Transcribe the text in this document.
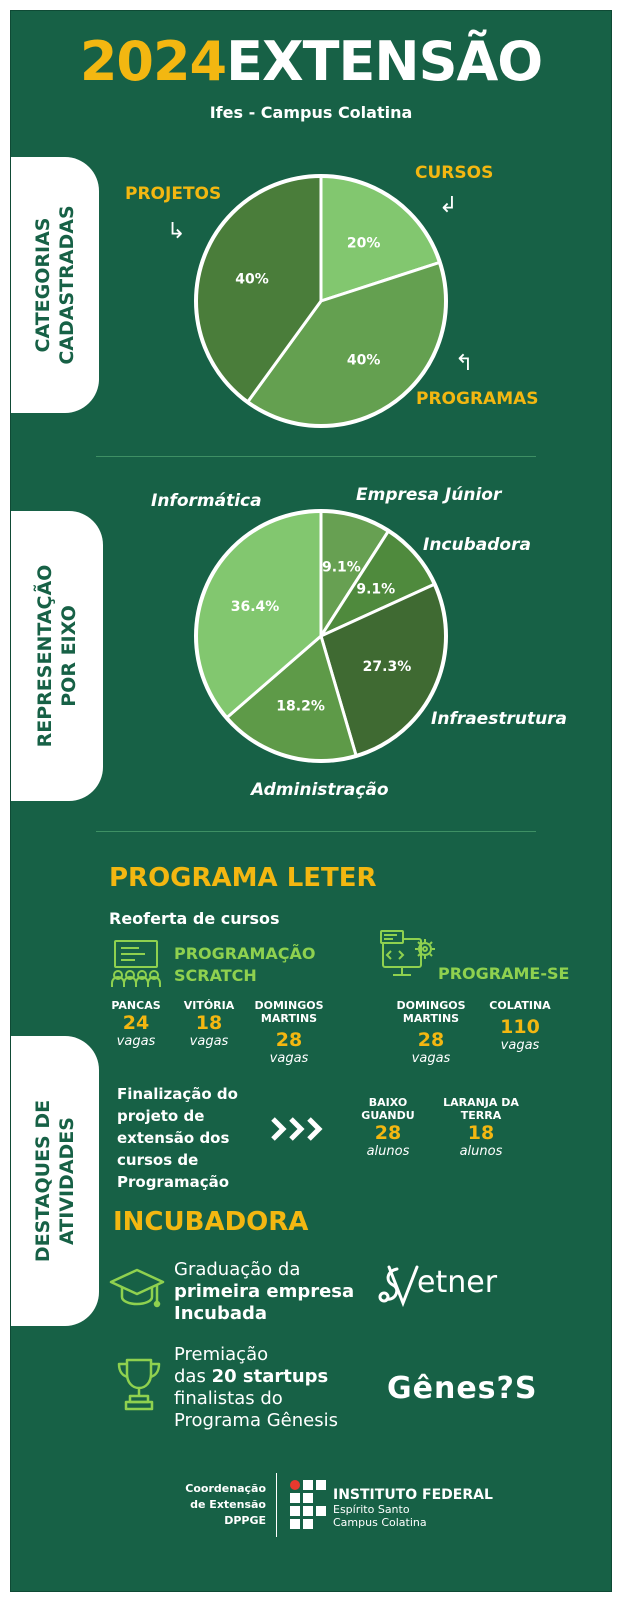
2024EXTENSÃO
Ifes - Campus Colatina
CATEGORIAS CADASTRADAS	20%
40%
40%
PROJETOS
↳
CURSOS
↲
PROGRAMAS
↰
REPRESENTAÇÃO POR EIXO
9.1%
9.1%
27.3%
18.2%
36.4%
Informática	Empresa Júnior
Incubadora
Infraestrutura
Administração
DESTAQUES DE ATIVIDADES
PROGRAMA LETER
Reoferta de cursos
PROGRAMAÇÃO
SCRATCH
PANCAS
24
vagas
VITÓRIA
18
vagas
DOMINGOS
MARTINS
28
vagas
PROGRAME-SE
DOMINGOS
MARTINS
28
vagas
COLATINA
110
vagas
Finalização do
projeto de
extensão dos
cursos de
Programação
BAIXO
GUANDU
28
alunos
LARANJA DA
TERRA
18
alunos
INCUBADORA
Graduação da
primeira empresa
Incubada
etner
Premiação
das 20 startups
finalistas do
Programa Gênesis
Gênes?S
Coordenação
de Extensão
DPPGE
INSTITUTO FEDERAL
Espírito Santo
Campus Colatina
